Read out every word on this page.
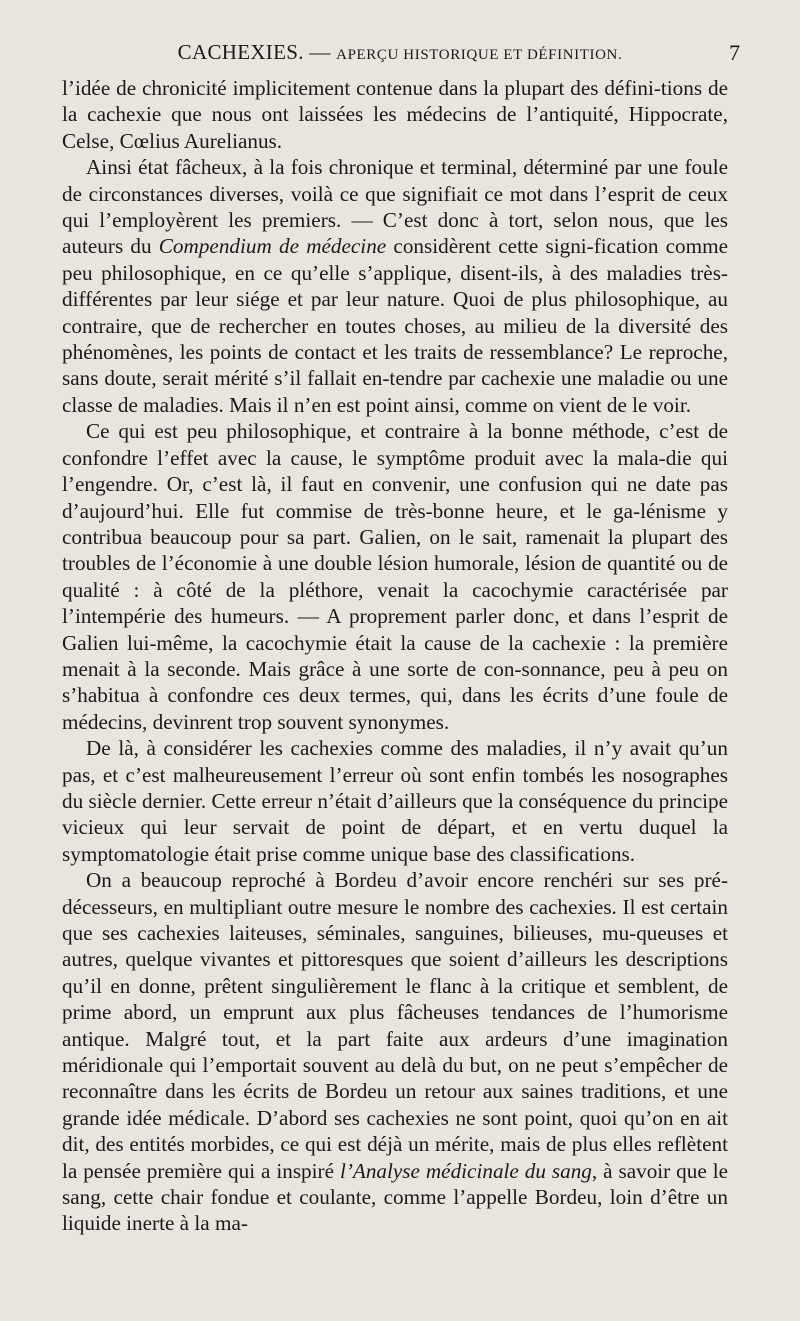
CACHEXIES. — APERÇU HISTORIQUE ET DÉFINITION.	7

l’idée de chronicité implicitement contenue dans la plupart des défini-tions de la cachexie que nous ont laissées les médecins de l’antiquité, Hippocrate, Celse, Cœlius Aurelianus.

Ainsi état fâcheux, à la fois chronique et terminal, déterminé par une foule de circonstances diverses, voilà ce que signifiait ce mot dans l’esprit de ceux qui l’employèrent les premiers. — C’est donc à tort, selon nous, que les auteurs du Compendium de médecine considèrent cette signi-fication comme peu philosophique, en ce qu’elle s’applique, disent-ils, à des maladies très-différentes par leur siége et par leur nature. Quoi de plus philosophique, au contraire, que de rechercher en toutes choses, au milieu de la diversité des phénomènes, les points de contact et les traits de ressemblance? Le reproche, sans doute, serait mérité s’il fallait en-tendre par cachexie une maladie ou une classe de maladies. Mais il n’en est point ainsi, comme on vient de le voir.

Ce qui est peu philosophique, et contraire à la bonne méthode, c’est de confondre l’effet avec la cause, le symptôme produit avec la mala-die qui l’engendre. Or, c’est là, il faut en convenir, une confusion qui ne date pas d’aujourd’hui. Elle fut commise de très-bonne heure, et le ga-lénisme y contribua beaucoup pour sa part. Galien, on le sait, ramenait la plupart des troubles de l’économie à une double lésion humorale, lésion de quantité ou de qualité : à côté de la pléthore, venait la cacochymie caractérisée par l’intempérie des humeurs. — A proprement parler donc, et dans l’esprit de Galien lui-même, la cacochymie était la cause de la cachexie : la première menait à la seconde. Mais grâce à une sorte de con-sonnance, peu à peu on s’habitua à confondre ces deux termes, qui, dans les écrits d’une foule de médecins, devinrent trop souvent synonymes.

De là, à considérer les cachexies comme des maladies, il n’y avait qu’un pas, et c’est malheureusement l’erreur où sont enfin tombés les nosographes du siècle dernier. Cette erreur n’était d’ailleurs que la conséquence du principe vicieux qui leur servait de point de départ, et en vertu duquel la symptomatologie était prise comme unique base des classifications.

On a beaucoup reproché à Bordeu d’avoir encore renchéri sur ses pré-décesseurs, en multipliant outre mesure le nombre des cachexies. Il est certain que ses cachexies laiteuses, séminales, sanguines, bilieuses, mu-queuses et autres, quelque vivantes et pittoresques que soient d’ailleurs les descriptions qu’il en donne, prêtent singulièrement le flanc à la critique et semblent, de prime abord, un emprunt aux plus fâcheuses tendances de l’humorisme antique. Malgré tout, et la part faite aux ardeurs d’une imagination méridionale qui l’emportait souvent au delà du but, on ne peut s’empêcher de reconnaître dans les écrits de Bordeu un retour aux saines traditions, et une grande idée médicale. D’abord ses cachexies ne sont point, quoi qu’on en ait dit, des entités morbides, ce qui est déjà un mérite, mais de plus elles reflètent la pensée première qui a inspiré l’Analyse médicinale du sang, à savoir que le sang, cette chair fondue et coulante, comme l’appelle Bordeu, loin d’être un liquide inerte à la ma-
